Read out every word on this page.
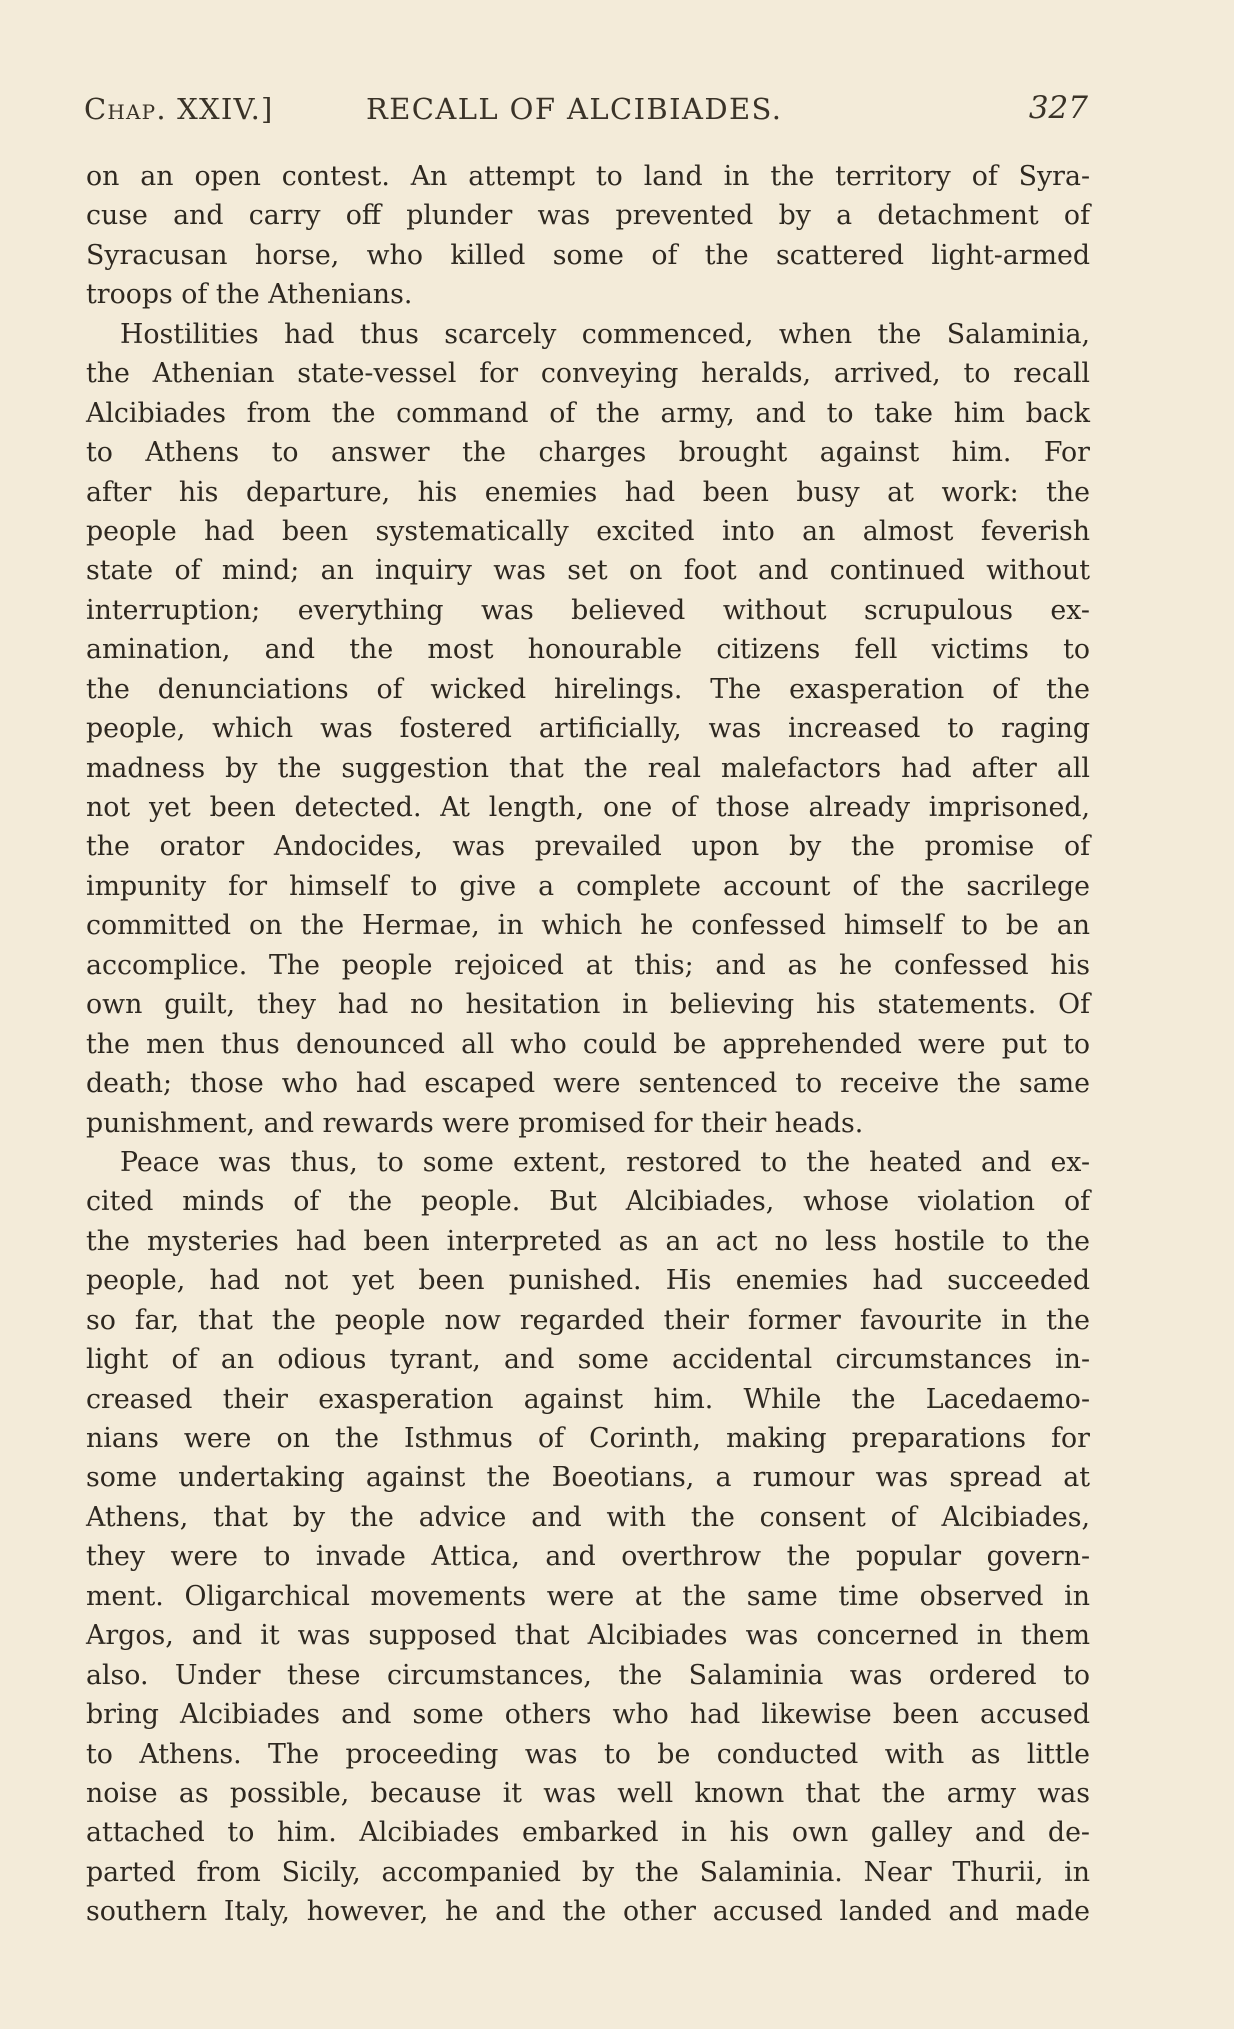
Chap. XXIV.]	RECALL OF ALCIBIADES.	327
on an open contest. An attempt to land in the territory of Syra-
cuse and carry off plunder was prevented by a detachment of
Syracusan horse, who killed some of the scattered light-armed
troops of the Athenians.
Hostilities had thus scarcely commenced, when the Salaminia,
the Athenian state-vessel for conveying heralds, arrived, to recall
Alcibiades from the command of the army, and to take him back
to Athens to answer the charges brought against him. For
after his departure, his enemies had been busy at work: the
people had been systematically excited into an almost feverish
state of mind; an inquiry was set on foot and continued without
interruption; everything was believed without scrupulous ex-
amination, and the most honourable citizens fell victims to
the denunciations of wicked hirelings. The exasperation of the
people, which was fostered artificially, was increased to raging
madness by the suggestion that the real malefactors had after all
not yet been detected. At length, one of those already imprisoned,
the orator Andocides, was prevailed upon by the promise of
impunity for himself to give a complete account of the sacrilege
committed on the Hermae, in which he confessed himself to be an
accomplice. The people rejoiced at this; and as he confessed his
own guilt, they had no hesitation in believing his statements. Of
the men thus denounced all who could be apprehended were put to
death; those who had escaped were sentenced to receive the same
punishment, and rewards were promised for their heads.
Peace was thus, to some extent, restored to the heated and ex-
cited minds of the people. But Alcibiades, whose violation of
the mysteries had been interpreted as an act no less hostile to the
people, had not yet been punished. His enemies had succeeded
so far, that the people now regarded their former favourite in the
light of an odious tyrant, and some accidental circumstances in-
creased their exasperation against him. While the Lacedaemo-
nians were on the Isthmus of Corinth, making preparations for
some undertaking against the Boeotians, a rumour was spread at
Athens, that by the advice and with the consent of Alcibiades,
they were to invade Attica, and overthrow the popular govern-
ment. Oligarchical movements were at the same time observed in
Argos, and it was supposed that Alcibiades was concerned in them
also. Under these circumstances, the Salaminia was ordered to
bring Alcibiades and some others who had likewise been accused
to Athens. The proceeding was to be conducted with as little
noise as possible, because it was well known that the army was
attached to him. Alcibiades embarked in his own galley and de-
parted from Sicily, accompanied by the Salaminia. Near Thurii, in
southern Italy, however, he and the other accused landed and made
